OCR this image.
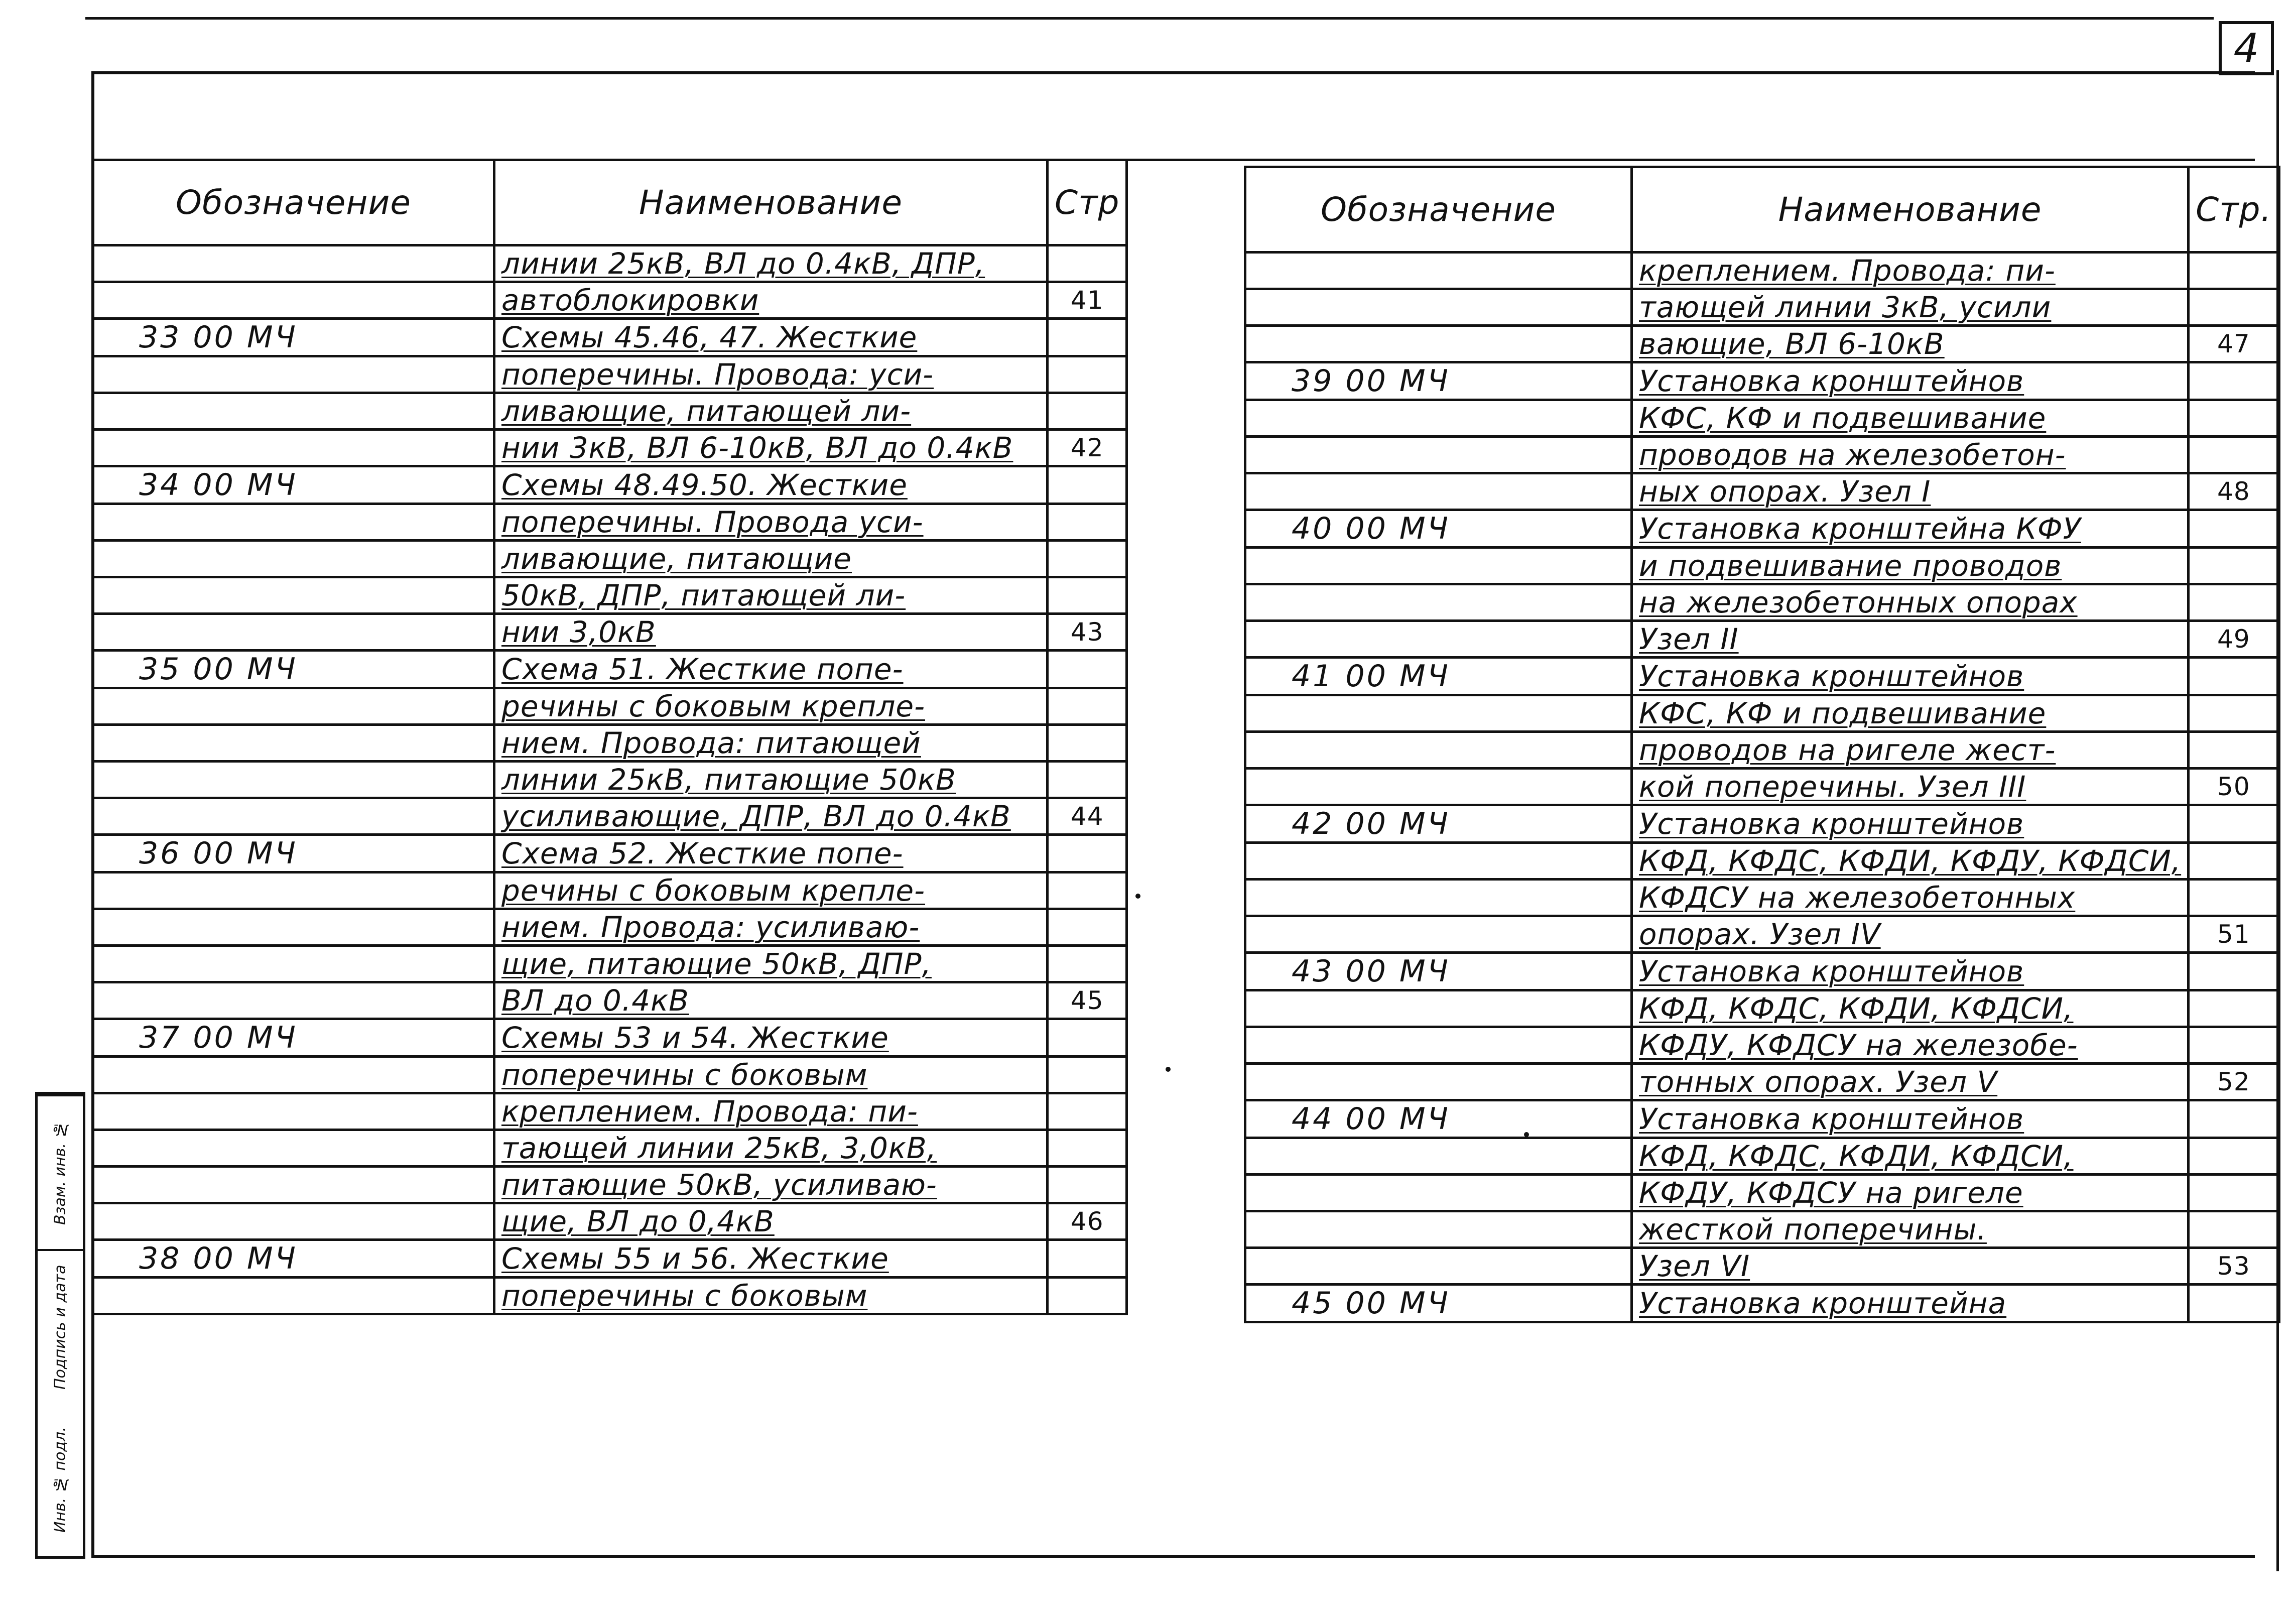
4
Обозначение	Наименование	Стр
	линии 25кВ, ВЛ до 0.4кВ, ДПР,	
	автоблокировки	41
33 00 МЧ	Схемы 45.46, 47. Жесткие	
	поперечины. Провода: уси-	
	ливающие, питающей ли-	
	нии 3кВ, ВЛ 6-10кВ, ВЛ до 0.4кВ	42
34 00 МЧ	Схемы 48.49.50. Жесткие	
	поперечины. Провода уси-	
	ливающие, питающие	
	50кВ, ДПР, питающей ли-	
	нии 3,0кВ	43
35 00 МЧ	Схема 51. Жесткие попе-	
	речины с боковым крепле-	
	нием. Провода: питающей	
	линии 25кВ, питающие 50кВ	
	усиливающие, ДПР, ВЛ до 0.4кВ	44
36 00 МЧ	Схема 52. Жесткие попе-	
	речины с боковым крепле-	
	нием. Провода: усиливаю-	
	щие, питающие 50кВ, ДПР,	
	ВЛ до 0.4кВ	45
37 00 МЧ	Схемы 53 и 54. Жесткие	
	поперечины с боковым	
	креплением. Провода: пи-	
	тающей линии 25кВ, 3,0кВ,	
	питающие 50кВ, усиливаю-	
	щие, ВЛ до 0,4кВ	46
38 00 МЧ	Схемы 55 и 56. Жесткие	
	поперечины с боковым	
Обозначение	Наименование	Стр.
	креплением. Провода: пи-	
	тающей линии 3кВ, усили	
	вающие, ВЛ 6-10кВ	47
39 00 МЧ	Установка кронштейнов	
	КФС, КФ и подвешивание	
	проводов на железобетон-	
	ных опорах. Узел I	48
40 00 МЧ	Установка кронштейна КФУ	
	и подвешивание проводов	
	на железобетонных опорах	
	Узел II	49
41 00 МЧ	Установка кронштейнов	
	КФС, КФ и подвешивание	
	проводов на ригеле жест-	
	кой поперечины. Узел III	50
42 00 МЧ	Установка кронштейнов	
	КФД, КФДС, КФДИ, КФДУ, КФДСИ,	
	КФДСУ на железобетонных	
	опорах. Узел IV	51
43 00 МЧ	Установка кронштейнов	
	КФД, КФДС, КФДИ, КФДСИ,	
	КФДУ, КФДСУ на железобе-	
	тонных опорах. Узел V	52
44 00 МЧ	Установка кронштейнов	
	КФД, КФДС, КФДИ, КФДСИ,	
	КФДУ, КФДСУ на ригеле	
	жесткой поперечины.	
	Узел VI	53
45 00 МЧ	Установка кронштейна	
Взам. инв. №
Подпись и дата
Инв. № подл.
